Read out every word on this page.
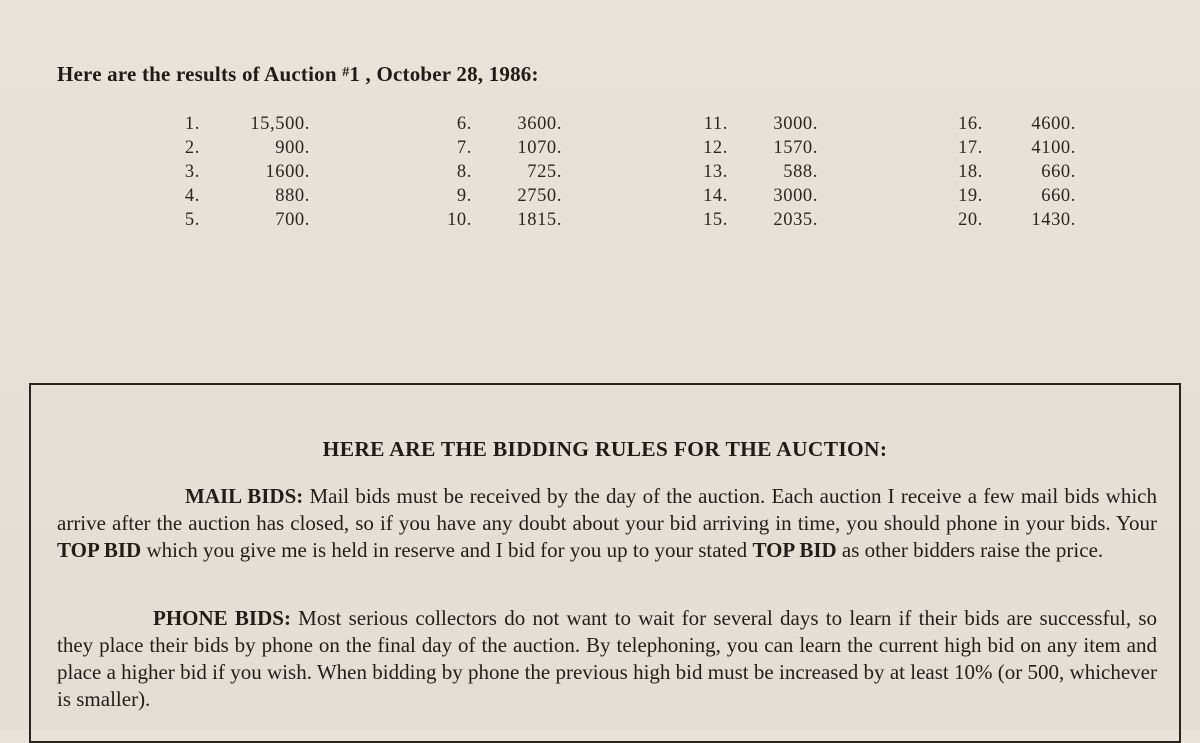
Here are the results of Auction #1 , October 28, 1986:
1.	15,500.
2.	900.
3.	1600.
4.	880.
5.	700.
6. 3600.
7. 1070.
8.	725.
9. 2750.
10. 1815.
11. 3000.
12. 1570.
13.	588.
14. 3000.
15. 2035.
16.	4600.
17.	4100.
18.	660.
19.	660.
20.	1430.
HERE ARE THE BIDDING RULES FOR THE AUCTION:
MAIL BIDS: Mail bids must be received by the day of the auction. Each auction I receive a few mail bids which arrive after the auction has closed, so if you have any doubt about your bid arriving in time, you should phone in your bids. Your TOP BID which you give me is held in reserve and I bid for you up to your stated TOP BID as other bidders raise the price.
PHONE BIDS: Most serious collectors do not want to wait for several days to learn if their bids are successful, so they place their bids by phone on the final day of the auction. By telephoning, you can learn the current high bid on any item and place a higher bid if you wish. When bidding by phone the previous high bid must be increased by at least 10% (or 500, whichever is smaller).
